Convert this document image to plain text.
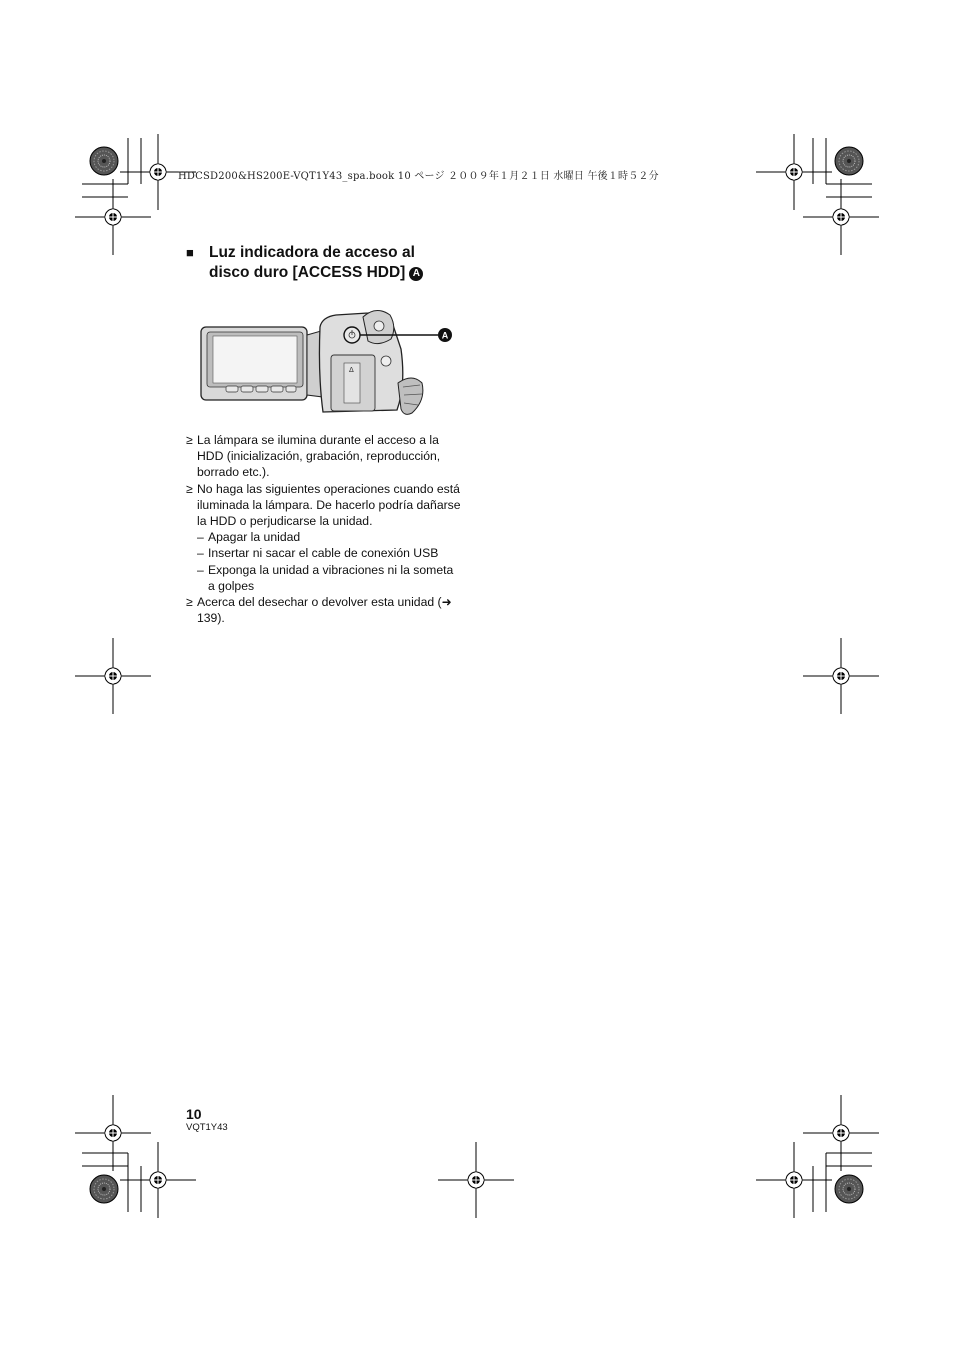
HDCSD200&HS200E-VQT1Y43_spa.book 10 ページ ２００９年１月２１日 水曜日 午後１時５２分
■ Luz indicadora de acceso al
disco duro [ACCESS HDD] A
Δ
A
≥ La lámpara se ilumina durante el acceso a la HDD (inicialización, grabación, reproducción, borrado etc.).
≥ No haga las siguientes operaciones cuando está iluminada la lámpara. De hacerlo podría dañarse la HDD o perjudicarse la unidad.
– Apagar la unidad
– Insertar ni sacar el cable de conexión USB
– Exponga la unidad a vibraciones ni la someta a golpes
≥ Acerca del desechar o devolver esta unidad (➜ 139).
10
VQT1Y43
